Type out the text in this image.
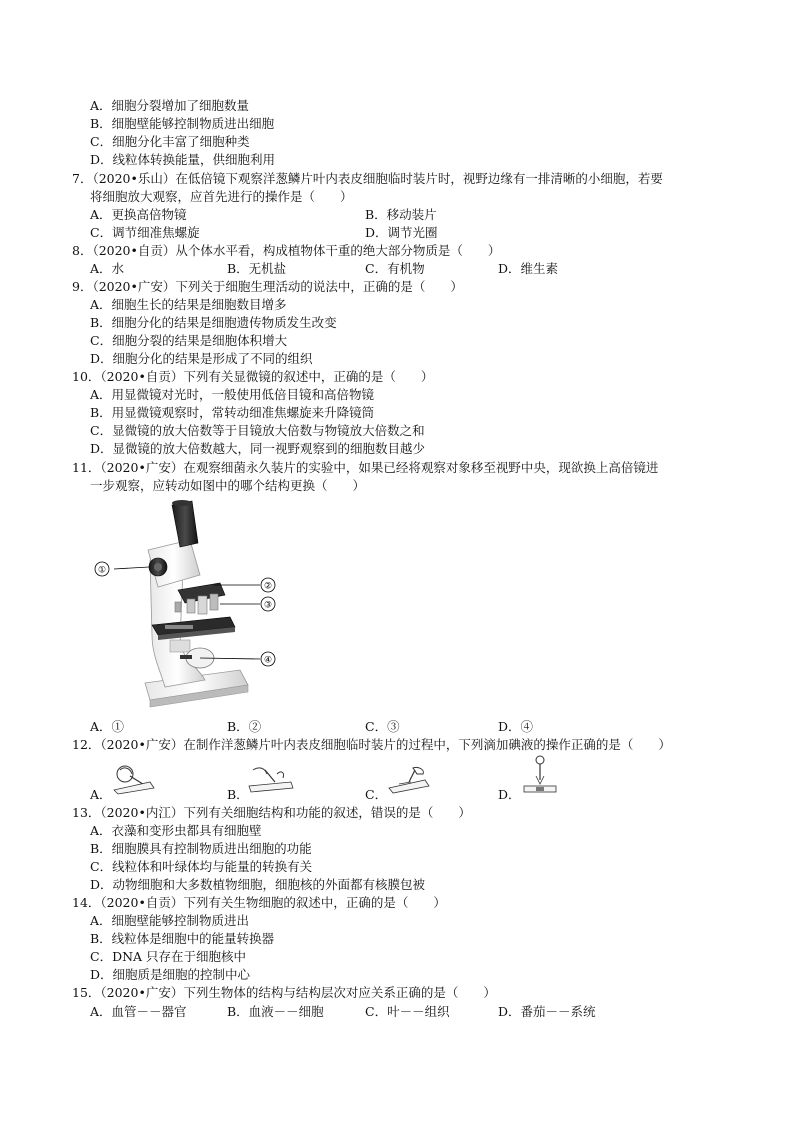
A．细胞分裂增加了细胞数量
B．细胞壁能够控制物质进出细胞
C．细胞分化丰富了细胞种类
D．线粒体转换能量，供细胞利用
7．（2020•乐山）在低倍镜下观察洋葱鳞片叶内表皮细胞临时装片时，视野边缘有一排清晰的小细胞，若要
将细胞放大观察，应首先进行的操作是（　　）
A．更换高倍物镜	B．移动装片
C．调节细准焦螺旋	D．调节光圈
8．（2020•自贡）从个体水平看，构成植物体干重的绝大部分物质是（　　）
A．水	B．无机盐	C．有机物	D．维生素
9．（2020•广安）下列关于细胞生理活动的说法中，正确的是（　　）
A．细胞生长的结果是细胞数目增多
B．细胞分化的结果是细胞遗传物质发生改变
C．细胞分裂的结果是细胞体积增大
D．细胞分化的结果是形成了不同的组织
10．（2020•自贡）下列有关显微镜的叙述中，正确的是（　　）
A．用显微镜对光时，一般使用低倍目镜和高倍物镜
B．用显微镜观察时，常转动细准焦螺旋来升降镜筒
C．显微镜的放大倍数等于目镜放大倍数与物镜放大倍数之和
D．显微镜的放大倍数越大，同一视野观察到的细胞数目越少
11．（2020•广安）在观察细菌永久装片的实验中，如果已经将观察对象移至视野中央，现欲换上高倍镜进
一步观察，应转动如图中的哪个结构更换（　　）
①
②
③
④
A．①	B．②	C．③	D．④
12．（2020•广安）在制作洋葱鳞片叶内表皮细胞临时装片的过程中，下列滴加碘液的操作正确的是（　　）
A．	B．	C．	D．
13．（2020•内江）下列有关细胞结构和功能的叙述，错误的是（　　）
A．衣藻和变形虫都具有细胞壁
B．细胞膜具有控制物质进出细胞的功能
C．线粒体和叶绿体均与能量的转换有关
D．动物细胞和大多数植物细胞，细胞核的外面都有核膜包被
14．（2020•自贡）下列有关生物细胞的叙述中，正确的是（　　）
A．细胞壁能够控制物质进出
B．线粒体是细胞中的能量转换器
C．DNA 只存在于细胞核中
D．细胞质是细胞的控制中心
15．（2020•广安）下列生物体的结构与结构层次对应关系正确的是（　　）
A．血管－－器官	B．血液－－细胞	C．叶－－组织	D．番茄－－系统
